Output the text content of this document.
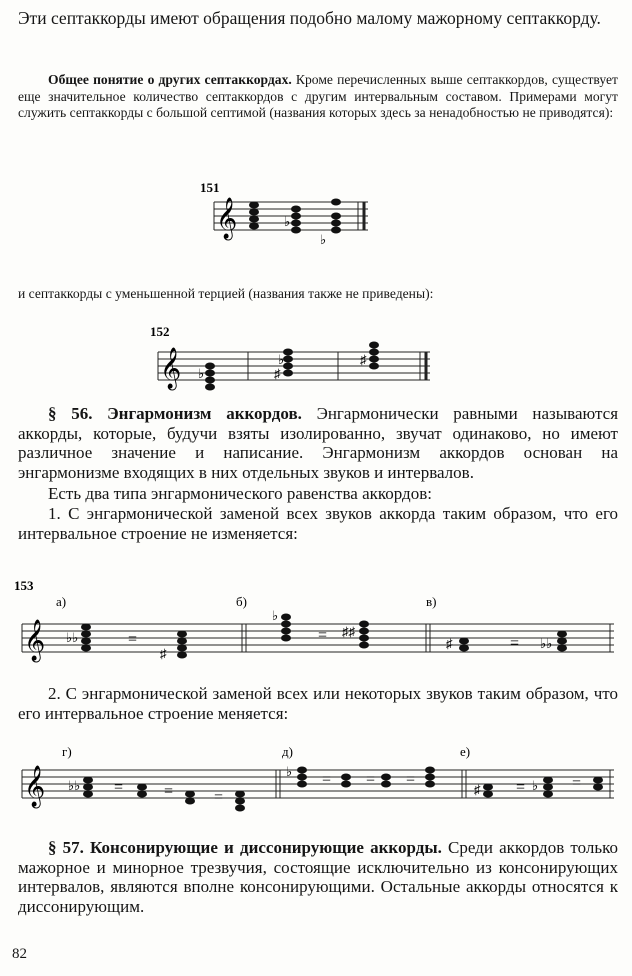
Эти септаккорды имеют обращения подобно малому мажорному септаккорду.
Общее понятие о других септаккордах. Кроме перечисленных выше септаккордов, существует еще значительное количество септаккордов с другим интервальным составом. Примерами могут служить септаккорды с большой септимой (названия которых здесь за ненадобностью не приводятся):
151
𝄞	♭
♭
и септаккорды с уменьшенной терцией (названия также не приведены):
152
𝄞 ♭	♯
♭	♯
§ 56. Энгармонизм аккордов. Энгармонически равными называются аккорды, которые, будучи взяты изолированно, звучат одинаково, но имеют различное значение и написание. Энгармонизм аккордов основан на энгармонизме входящих в них отдельных звуков и интервалов.
Есть два типа энгармонического равенства аккордов:
1. С энгармонической заменой всех звуков аккорда таким образом, что его интервальное строение не изменяется:
153
а)	б)	в)
𝄞	=	=	=
♭♭
♯
♭
♯♯
♯	♭♭
2. С энгармонической заменой всех или некоторых звуков таким образом, что его интервальное строение меняется:
г)	д)	е)
𝄞	=	=	=
= = =	=	=
♭♭
♭
♯	♭
§ 57. Консонирующие и диссонирующие аккорды. Среди аккордов только мажорное и минорное трезвучия, состоящие исключительно из консонирующих интервалов, являются вполне консонирующими. Остальные аккорды относятся к диссонирующим.
82
